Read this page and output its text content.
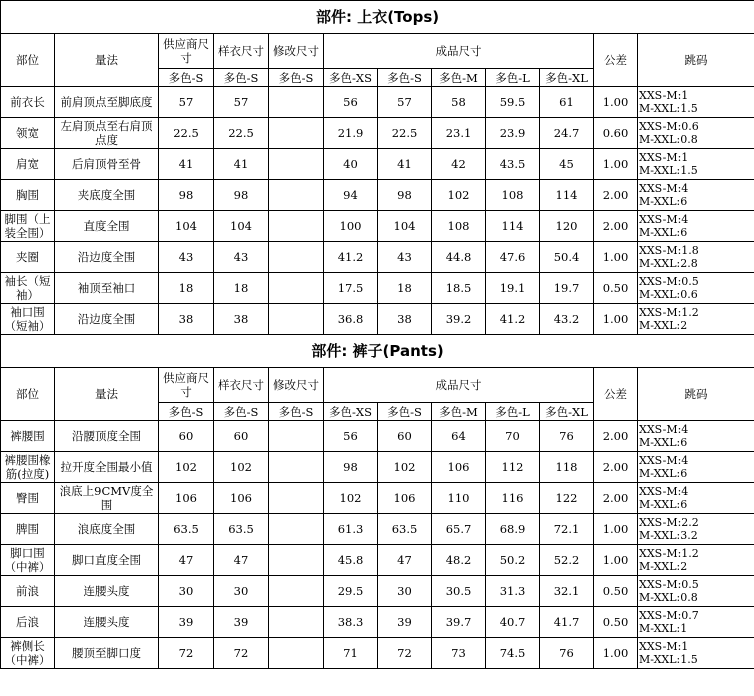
部件: 上衣(Tops)											
部位	量法	供应商尺寸	样衣尺寸	修改尺寸	成品尺寸					公差	跳码
		多色-S	多色-S	多色-S	多色-XS	多色-S	多色-M	多色-L	多色-XL		
前衣长	前肩顶点至脚底度	57	57		56	57	58	59.5	61	1.00	XXS-M:1
M-XXL:1.5

领宽	左肩顶点至右肩顶点度	22.5	22.5		21.9	22.5	23.1	23.9	24.7	0.60	XXS-M:0.6
M-XXL:0.8

肩宽	后肩顶骨至骨	41	41		40	41	42	43.5	45	1.00	XXS-M:1
M-XXL:1.5

胸围	夹底度全围	98	98		94	98	102	108	114	2.00	XXS-M:4
M-XXL:6

脚围（上装全围）	直度全围	104	104		100	104	108	114	120	2.00	XXS-M:4
M-XXL:6

夹圈	沿边度全围	43	43		41.2	43	44.8	47.6	50.4	1.00	XXS-M:1.8
M-XXL:2.8

袖长（短袖）	袖顶至袖口	18	18		17.5	18	18.5	19.1	19.7	0.50	XXS-M:0.5
M-XXL:0.6

袖口围（短袖）	沿边度全围	38	38		36.8	38	39.2	41.2	43.2	1.00	XXS-M:1.2
M-XXL:2

部件: 裤子(Pants)											
部位	量法	供应商尺寸	样衣尺寸	修改尺寸	成品尺寸					公差	跳码
		多色-S	多色-S	多色-S	多色-XS	多色-S	多色-M	多色-L	多色-XL		
裤腰围	沿腰顶度全围	60	60		56	60	64	70	76	2.00	XXS-M:4
M-XXL:6

裤腰围橡筋(拉度)	拉开度全围最小值	102	102		98	102	106	112	118	2.00	XXS-M:4
M-XXL:6

臀围	浪底上9CMV度全围	106	106		102	106	110	116	122	2.00	XXS-M:4
M-XXL:6

脾围	浪底度全围	63.5	63.5		61.3	63.5	65.7	68.9	72.1	1.00	XXS-M:2.2
M-XXL:3.2

脚口围（中裤）	脚口直度全围	47	47		45.8	47	48.2	50.2	52.2	1.00	XXS-M:1.2
M-XXL:2

前浪	连腰头度	30	30		29.5	30	30.5	31.3	32.1	0.50	XXS-M:0.5
M-XXL:0.8

后浪	连腰头度	39	39		38.3	39	39.7	40.7	41.7	0.50	XXS-M:0.7
M-XXL:1

裤侧长（中裤）	腰顶至脚口度	72	72		71	72	73	74.5	76	1.00	XXS-M:1
M-XXL:1.5
